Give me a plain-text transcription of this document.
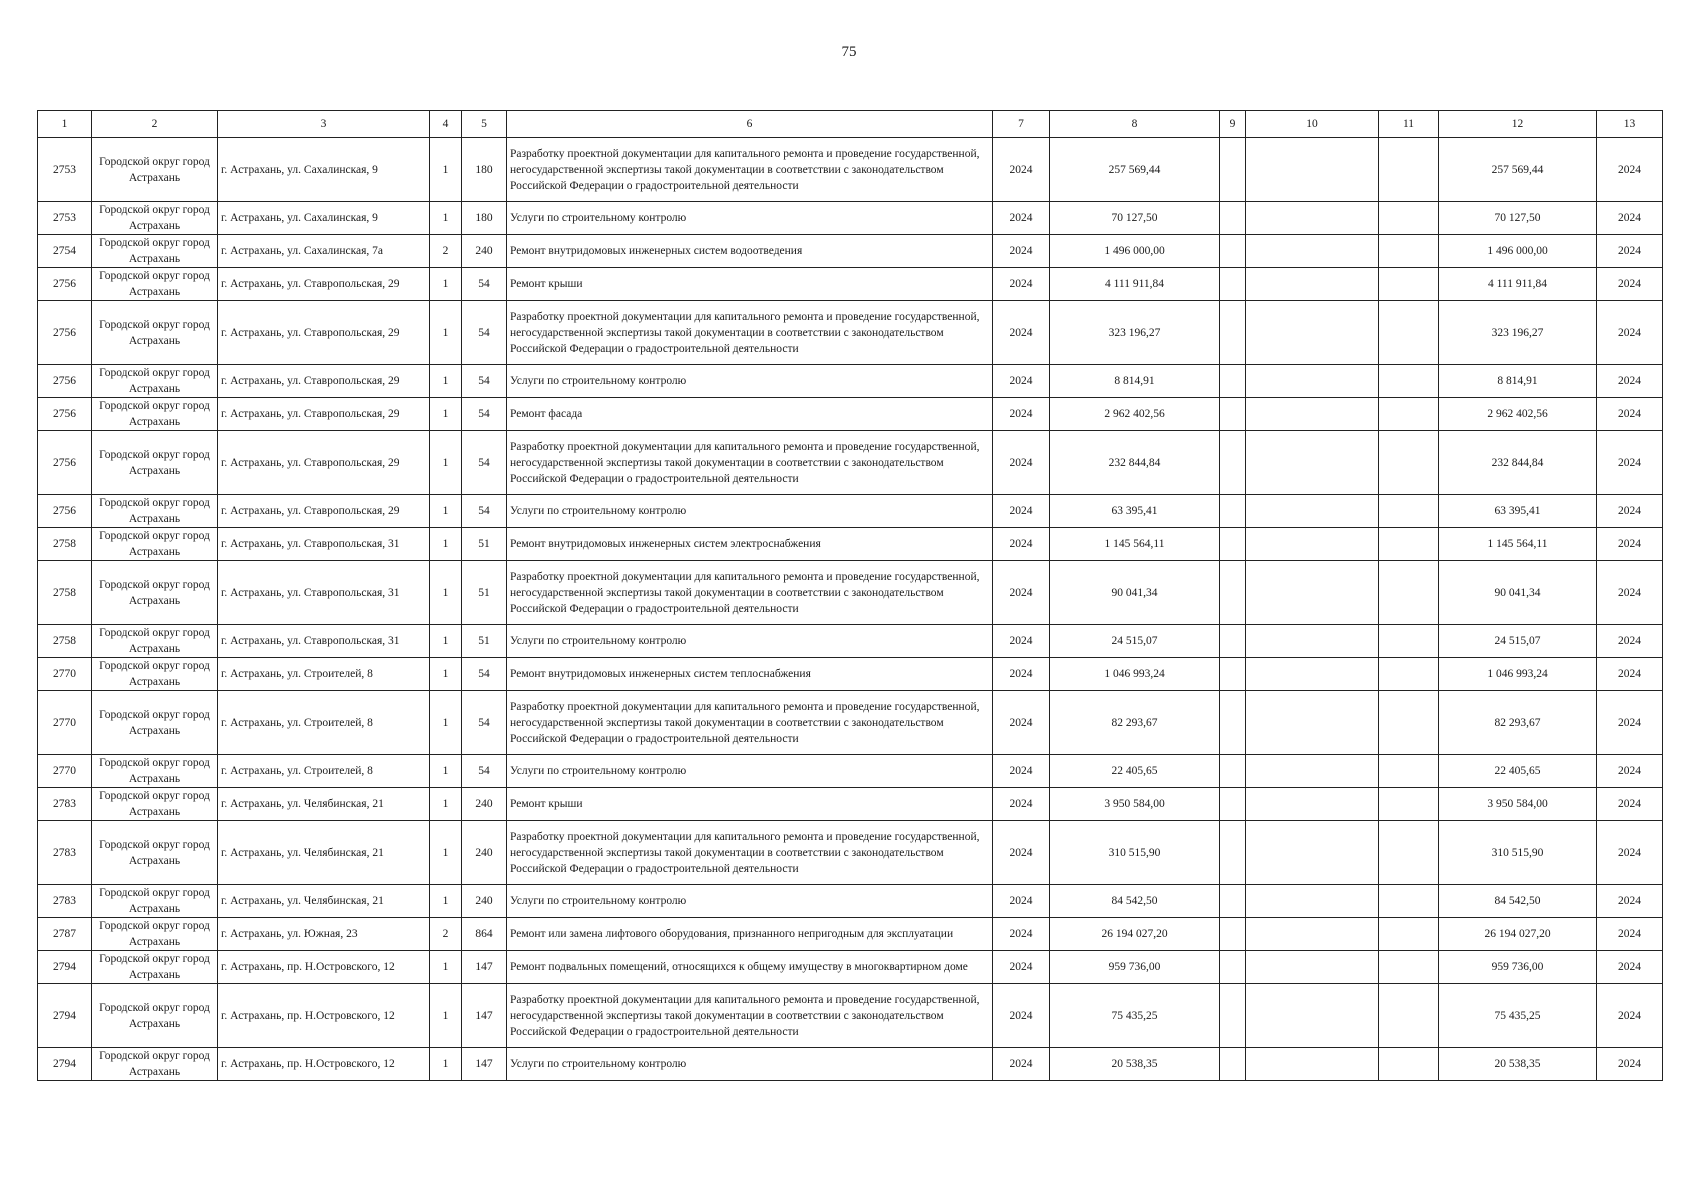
75
1	2	3	4	5	6	7	8	9	10	11	12	13
2753	Городской округ город Астрахань	г. Астрахань, ул. Сахалинская, 9	1	180	Разработку проектной документации для капитального ремонта и проведение государственной, негосударственной экспертизы такой документации в соответствии с законодательством Российской Федерации о градостроительной деятельности	2024	257 569,44				257 569,44	2024
2753	Городской округ город Астрахань	г. Астрахань, ул. Сахалинская, 9	1	180	Услуги по строительному контролю	2024	70 127,50				70 127,50	2024
2754	Городской округ город Астрахань	г. Астрахань, ул. Сахалинская, 7а	2	240	Ремонт внутридомовых инженерных систем водоотведения	2024	1 496 000,00				1 496 000,00	2024
2756	Городской округ город Астрахань	г. Астрахань, ул. Ставропольская, 29	1	54	Ремонт крыши	2024	4 111 911,84				4 111 911,84	2024
2756	Городской округ город Астрахань	г. Астрахань, ул. Ставропольская, 29	1	54	Разработку проектной документации для капитального ремонта и проведение государственной, негосударственной экспертизы такой документации в соответствии с законодательством Российской Федерации о градостроительной деятельности	2024	323 196,27				323 196,27	2024
2756	Городской округ город Астрахань	г. Астрахань, ул. Ставропольская, 29	1	54	Услуги по строительному контролю	2024	8 814,91				8 814,91	2024
2756	Городской округ город Астрахань	г. Астрахань, ул. Ставропольская, 29	1	54	Ремонт фасада	2024	2 962 402,56				2 962 402,56	2024
2756	Городской округ город Астрахань	г. Астрахань, ул. Ставропольская, 29	1	54	Разработку проектной документации для капитального ремонта и проведение государственной, негосударственной экспертизы такой документации в соответствии с законодательством Российской Федерации о градостроительной деятельности	2024	232 844,84				232 844,84	2024
2756	Городской округ город Астрахань	г. Астрахань, ул. Ставропольская, 29	1	54	Услуги по строительному контролю	2024	63 395,41				63 395,41	2024
2758	Городской округ город Астрахань	г. Астрахань, ул. Ставропольская, 31	1	51	Ремонт внутридомовых инженерных систем электроснабжения	2024	1 145 564,11				1 145 564,11	2024
2758	Городской округ город Астрахань	г. Астрахань, ул. Ставропольская, 31	1	51	Разработку проектной документации для капитального ремонта и проведение государственной, негосударственной экспертизы такой документации в соответствии с законодательством Российской Федерации о градостроительной деятельности	2024	90 041,34				90 041,34	2024
2758	Городской округ город Астрахань	г. Астрахань, ул. Ставропольская, 31	1	51	Услуги по строительному контролю	2024	24 515,07				24 515,07	2024
2770	Городской округ город Астрахань	г. Астрахань, ул. Строителей, 8	1	54	Ремонт внутридомовых инженерных систем теплоснабжения	2024	1 046 993,24				1 046 993,24	2024
2770	Городской округ город Астрахань	г. Астрахань, ул. Строителей, 8	1	54	Разработку проектной документации для капитального ремонта и проведение государственной, негосударственной экспертизы такой документации в соответствии с законодательством Российской Федерации о градостроительной деятельности	2024	82 293,67				82 293,67	2024
2770	Городской округ город Астрахань	г. Астрахань, ул. Строителей, 8	1	54	Услуги по строительному контролю	2024	22 405,65				22 405,65	2024
2783	Городской округ город Астрахань	г. Астрахань, ул. Челябинская, 21	1	240	Ремонт крыши	2024	3 950 584,00				3 950 584,00	2024
2783	Городской округ город Астрахань	г. Астрахань, ул. Челябинская, 21	1	240	Разработку проектной документации для капитального ремонта и проведение государственной, негосударственной экспертизы такой документации в соответствии с законодательством Российской Федерации о градостроительной деятельности	2024	310 515,90				310 515,90	2024
2783	Городской округ город Астрахань	г. Астрахань, ул. Челябинская, 21	1	240	Услуги по строительному контролю	2024	84 542,50				84 542,50	2024
2787	Городской округ город Астрахань	г. Астрахань, ул. Южная, 23	2	864	Ремонт или замена лифтового оборудования, признанного непригодным для эксплуатации	2024	26 194 027,20				26 194 027,20	2024
2794	Городской округ город Астрахань	г. Астрахань, пр. Н.Островского, 12	1	147	Ремонт подвальных помещений, относящихся к общему имуществу в многоквартирном доме	2024	959 736,00				959 736,00	2024
2794	Городской округ город Астрахань	г. Астрахань, пр. Н.Островского, 12	1	147	Разработку проектной документации для капитального ремонта и проведение государственной, негосударственной экспертизы такой документации в соответствии с законодательством Российской Федерации о градостроительной деятельности	2024	75 435,25				75 435,25	2024
2794	Городской округ город Астрахань	г. Астрахань, пр. Н.Островского, 12	1	147	Услуги по строительному контролю	2024	20 538,35				20 538,35	2024
